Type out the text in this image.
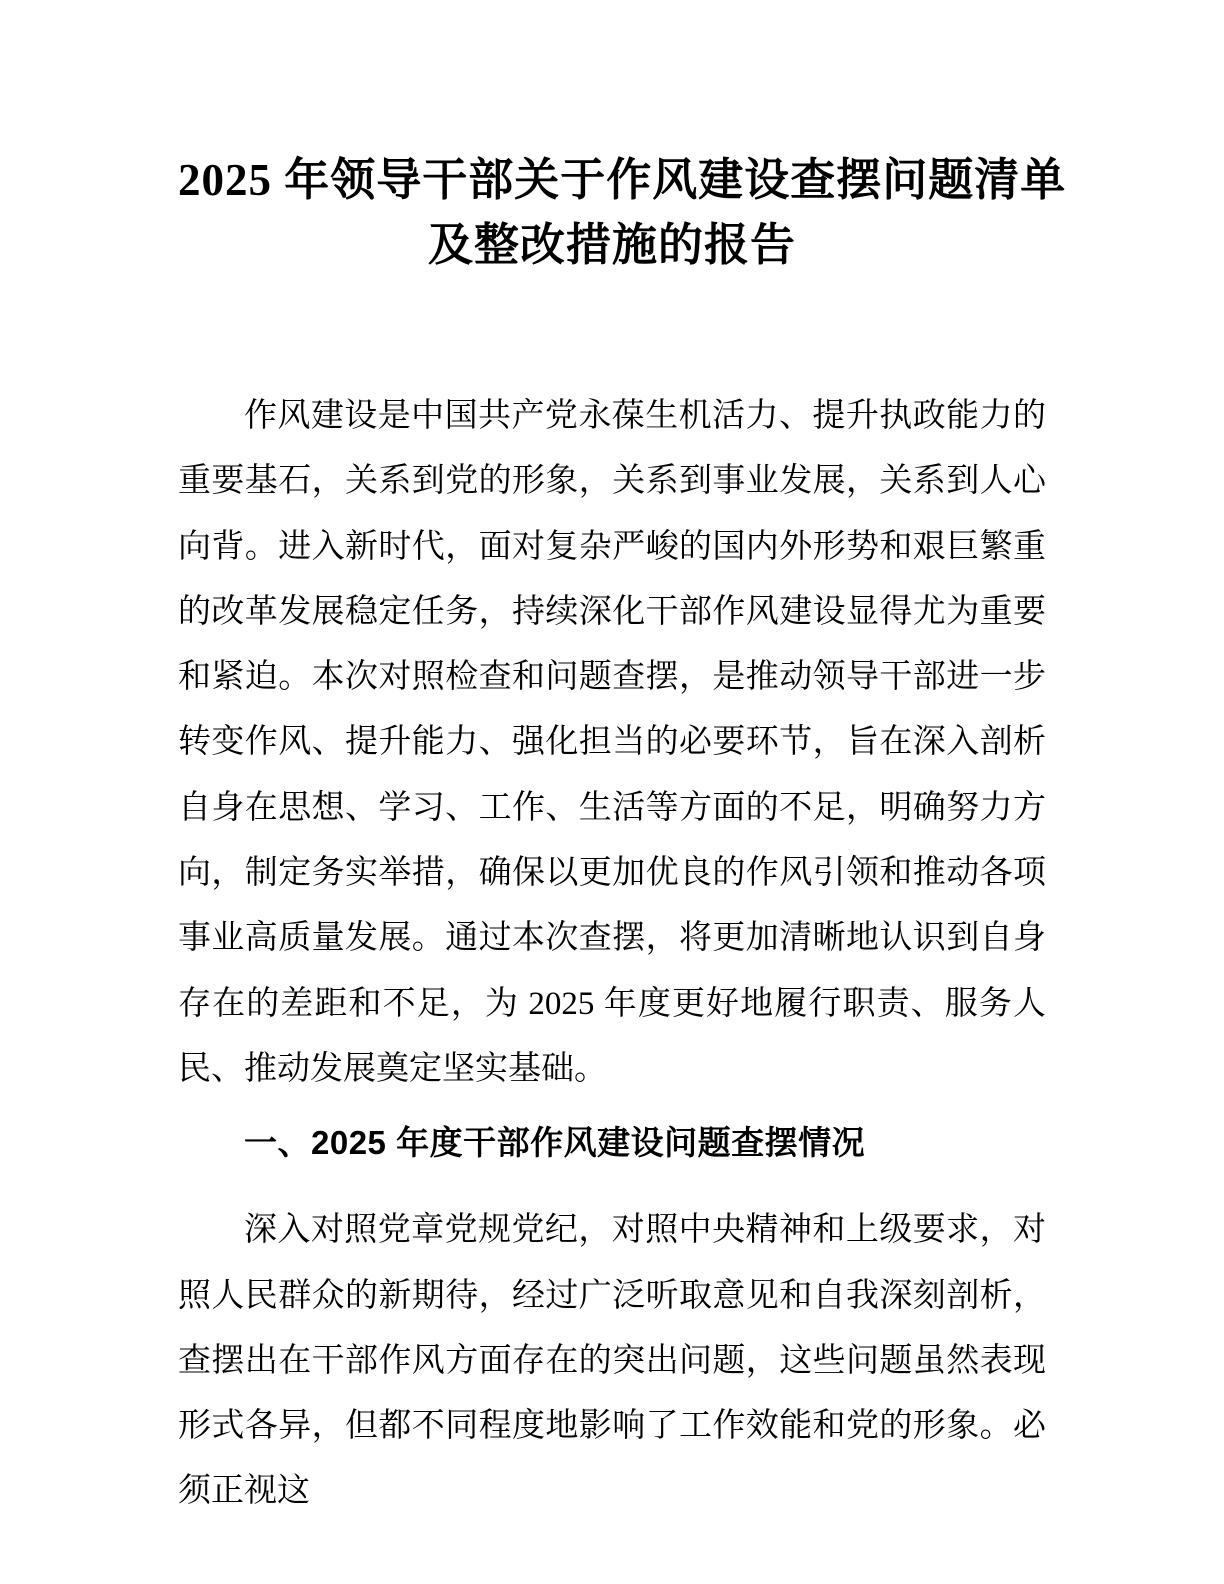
2025 年领导干部关于作风建设查摆问题清单
及整改措施的报告

作风建设是中国共产党永葆生机活力、提升执政能力的重要基石，关系到党的形象，关系到事业发展，关系到人心向背。进入新时代，面对复杂严峻的国内外形势和艰巨繁重的改革发展稳定任务，持续深化干部作风建设显得尤为重要和紧迫。本次对照检查和问题查摆，是推动领导干部进一步转变作风、提升能力、强化担当的必要环节，旨在深入剖析自身在思想、学习、工作、生活等方面的不足，明确努力方向，制定务实举措，确保以更加优良的作风引领和推动各项事业高质量发展。通过本次查摆，将更加清晰地认识到自身存在的差距和不足，为 2025 年度更好地履行职责、服务人民、推动发展奠定坚实基础。

一、2025 年度干部作风建设问题查摆情况

深入对照党章党规党纪，对照中央精神和上级要求，对照人民群众的新期待，经过广泛听取意见和自我深刻剖析，查摆出在干部作风方面存在的突出问题，这些问题虽然表现形式各异，但都不同程度地影响了工作效能和党的形象。必须正视这
